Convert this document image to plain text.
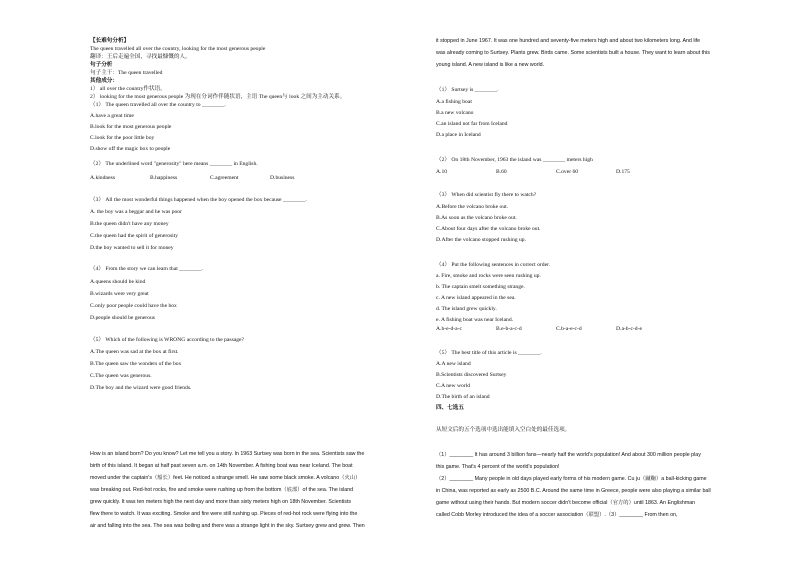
【长难句分析】
The queen travelled all over the country, looking for the most generous people
翻译：王后走遍全国，寻找最慷慨的人。
句子分析
句子主干：The queen travelled
其他成分：
1） all over the country作状语。
2） looking for the most generous people 为现在分词作伴随状语，主语 The queen与 look 之间为主动关系。
（1） The queen travelled all over the country to ________.
A.have a great time
B.look for the most generous people
C.look for the poor little boy
D.show off the magic box to people
（2） The underlined word "generosity" here means ________ in English.
A.kindness	B.happiness	C.agreement	D.business
（3） All the most wonderful things happened when the boy opened the box because ________.
A. the boy was a beggar and he was poor
B.the queen didn't have any money
C.the queen had the spirit of generosity
D.the boy wanted to sell it for money
（4） From the story we can learn that ________.
A.queens should be kind
B.wizards were very great
C.only poor people could have the box
D.people should be generous
（5） Which of the following is WRONG according to the passage?
A.The queen was sad at the box at first.
B.The queen saw the wonders of the box
C.The queen was generous.
D.The boy and the wizard were good friends.
How is an island born? Do you know? Let me tell you a story. In 1963 Surtsey was born in the sea. Scientists saw the
birth of this island. It began at half past seven a.m. on 14th November. A fishing boat was near Iceland. The boat
moved under the captain's（船长）feet. He noticed a strange smell. He saw some black smoke. A volcano（火山）
was breaking out. Red-hot rocks, fire and smoke were rushing up from the bottom（底部）of the sea. The island
grew quickly. It was ten meters high the next day and more than sixty meters high on 18th November. Scientists
flew there to watch. It was exciting. Smoke and fire were still rushing up. Pieces of red-hot rock were flying into the
air and falling into the sea. The sea was boiling and there was a strange light in the sky. Surtsey grew and grew. Then
it stopped in June 1967. It was one hundred and seventy-five meters high and about two kilometers long. And life
was already coming to Surtsey. Plants grew. Birds came. Some scientists built a house. They want to learn about this
young island. A new island is like a new world.
（1） Surtsey is ________.
A.a fishing boat
B.a new volcano
C.an island not far from Iceland
D.a place in Iceland
（2） On 18th November, 1963 the island was ________ meters high
A.10	B.60	C.over 60	D.175
（3） When did scientist fly there to watch?
A.Before the volcano broke out.
B.As soon as the volcano broke out.
C.About four days after the volcano broke out.
D.After the volcano stopped rushing up.
（4） Put the following sentences in correct order.
a. Fire, smoke and rocks were seen rushing up.
b. The captain smelt something strange.
c. A new island appeared in the sea.
d. The island grew quickly.
e. A fishing boat was near Iceland.
A.b-e-d-a-c	B.e-b-a-c-d	C.b-a-e-c-d	D.a-b-c-d-e
（5） The best title of this article is ________.
A.A new island
B.Scientists discovered Surtsey
C.A new world
D.The birth of an island
四、七选五
从短文后的五个选项中选出能填入空白处的最佳选项。
（1）________ It has around 3 billion fans—nearly half the world's population! And about 300 million people play
this game. That's 4 percent of the world's population!
（2）________ Many people in old days played early forms of his modern game. Cu ju（蹴鞠）a ball-kicking game
in China, was reported as early as 2500 B.C. Around the same time in Greece, people were also playing a similar ball
game without using their hands. But modern soccer didn't become official（官方的）until 1863. An Englishman
called Cobb Morley introduced the idea of a soccer association（联盟）.（3）________ From then on,
